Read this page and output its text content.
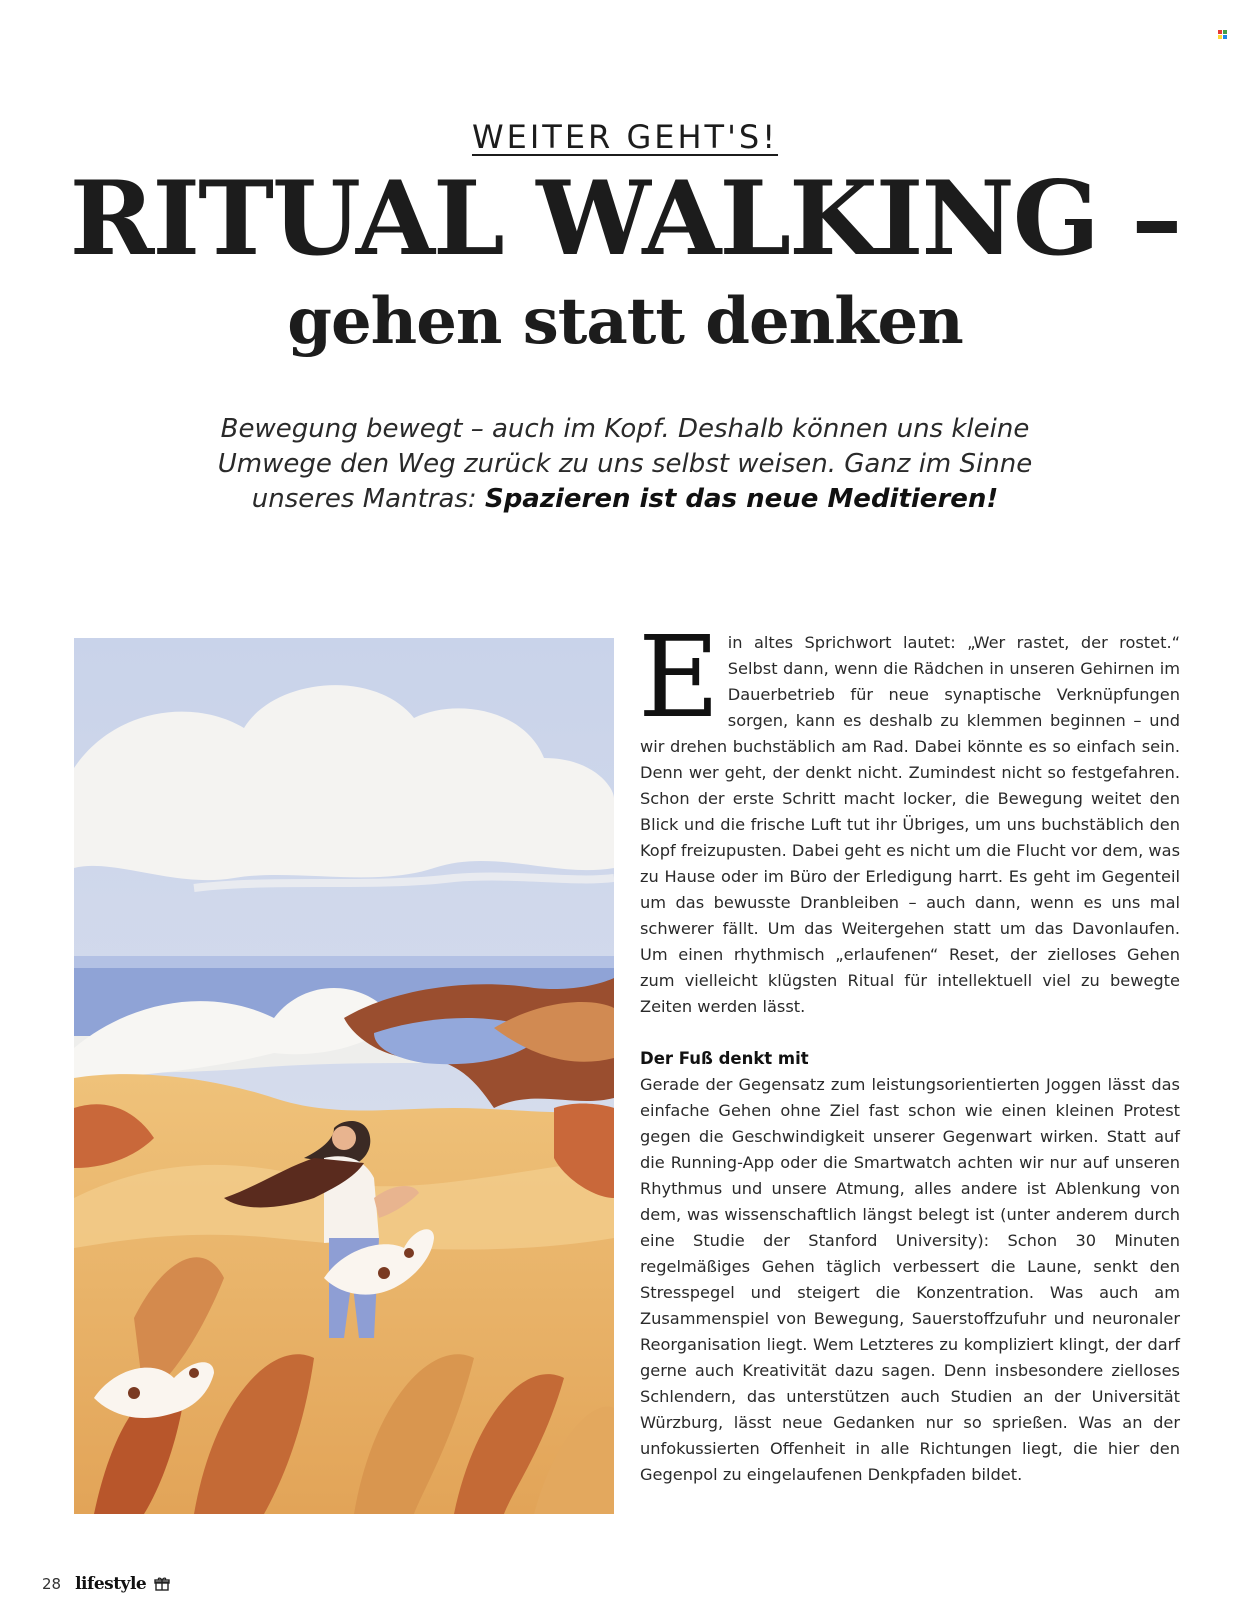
WEITER GEHT'S!
RITUAL WALKING –
gehen statt denken
Bewegung bewegt – auch im Kopf. Deshalb können uns kleine Umwege den Weg zurück zu uns selbst weisen. Ganz im Sinne unseres Mantras: Spazieren ist das neue Meditieren!
E in altes Sprichwort lautet: „Wer rastet, der rostet.“ Selbst dann, wenn die Rädchen in unseren Gehirnen im Dauerbetrieb für neue synaptische Verknüpfungen sorgen, kann es deshalb zu klemmen beginnen – und wir drehen buchstäblich am Rad. Dabei könnte es so einfach sein. Denn wer geht, der denkt nicht. Zumindest nicht so festgefahren. Schon der erste Schritt macht locker, die Bewegung weitet den Blick und die frische Luft tut ihr Übriges, um uns buchstäblich den Kopf freizupusten. Dabei geht es nicht um die Flucht vor dem, was zu Hause oder im Büro der Erledigung harrt. Es geht im Gegenteil um das bewusste Dranbleiben – auch dann, wenn es uns mal schwerer fällt. Um das Weitergehen statt um das Davonlaufen. Um einen rhythmisch „erlaufenen“ Reset, der zielloses Gehen zum vielleicht klügsten Ritual für intellektuell viel zu bewegte Zeiten werden lässt.

Der Fuß denkt mit

Gerade der Gegensatz zum leistungsorientierten Joggen lässt das einfache Gehen ohne Ziel fast schon wie einen kleinen Protest gegen die Geschwindigkeit unserer Gegenwart wirken. Statt auf die Running-App oder die Smartwatch achten wir nur auf unseren Rhythmus und unsere Atmung, alles andere ist Ablenkung von dem, was wissenschaftlich längst belegt ist (unter anderem durch eine Studie der Stanford University): Schon 30 Minuten regelmäßiges Gehen täglich verbessert die Laune, senkt den Stresspegel und steigert die Konzentration. Was auch am Zusammenspiel von Bewegung, Sauerstoffzufuhr und neuronaler Reorganisation liegt. Wem Letzteres zu kompliziert klingt, der darf gerne auch Kreativität dazu sagen. Denn insbesondere zielloses Schlendern, das unterstützen auch Studien an der Universität Würzburg, lässt neue Gedanken nur so sprießen. Was an der unfokussierten Offenheit in alle Richtungen liegt, die hier den Gegenpol zu eingelaufenen Denkpfaden bildet.

28 lifestyle
